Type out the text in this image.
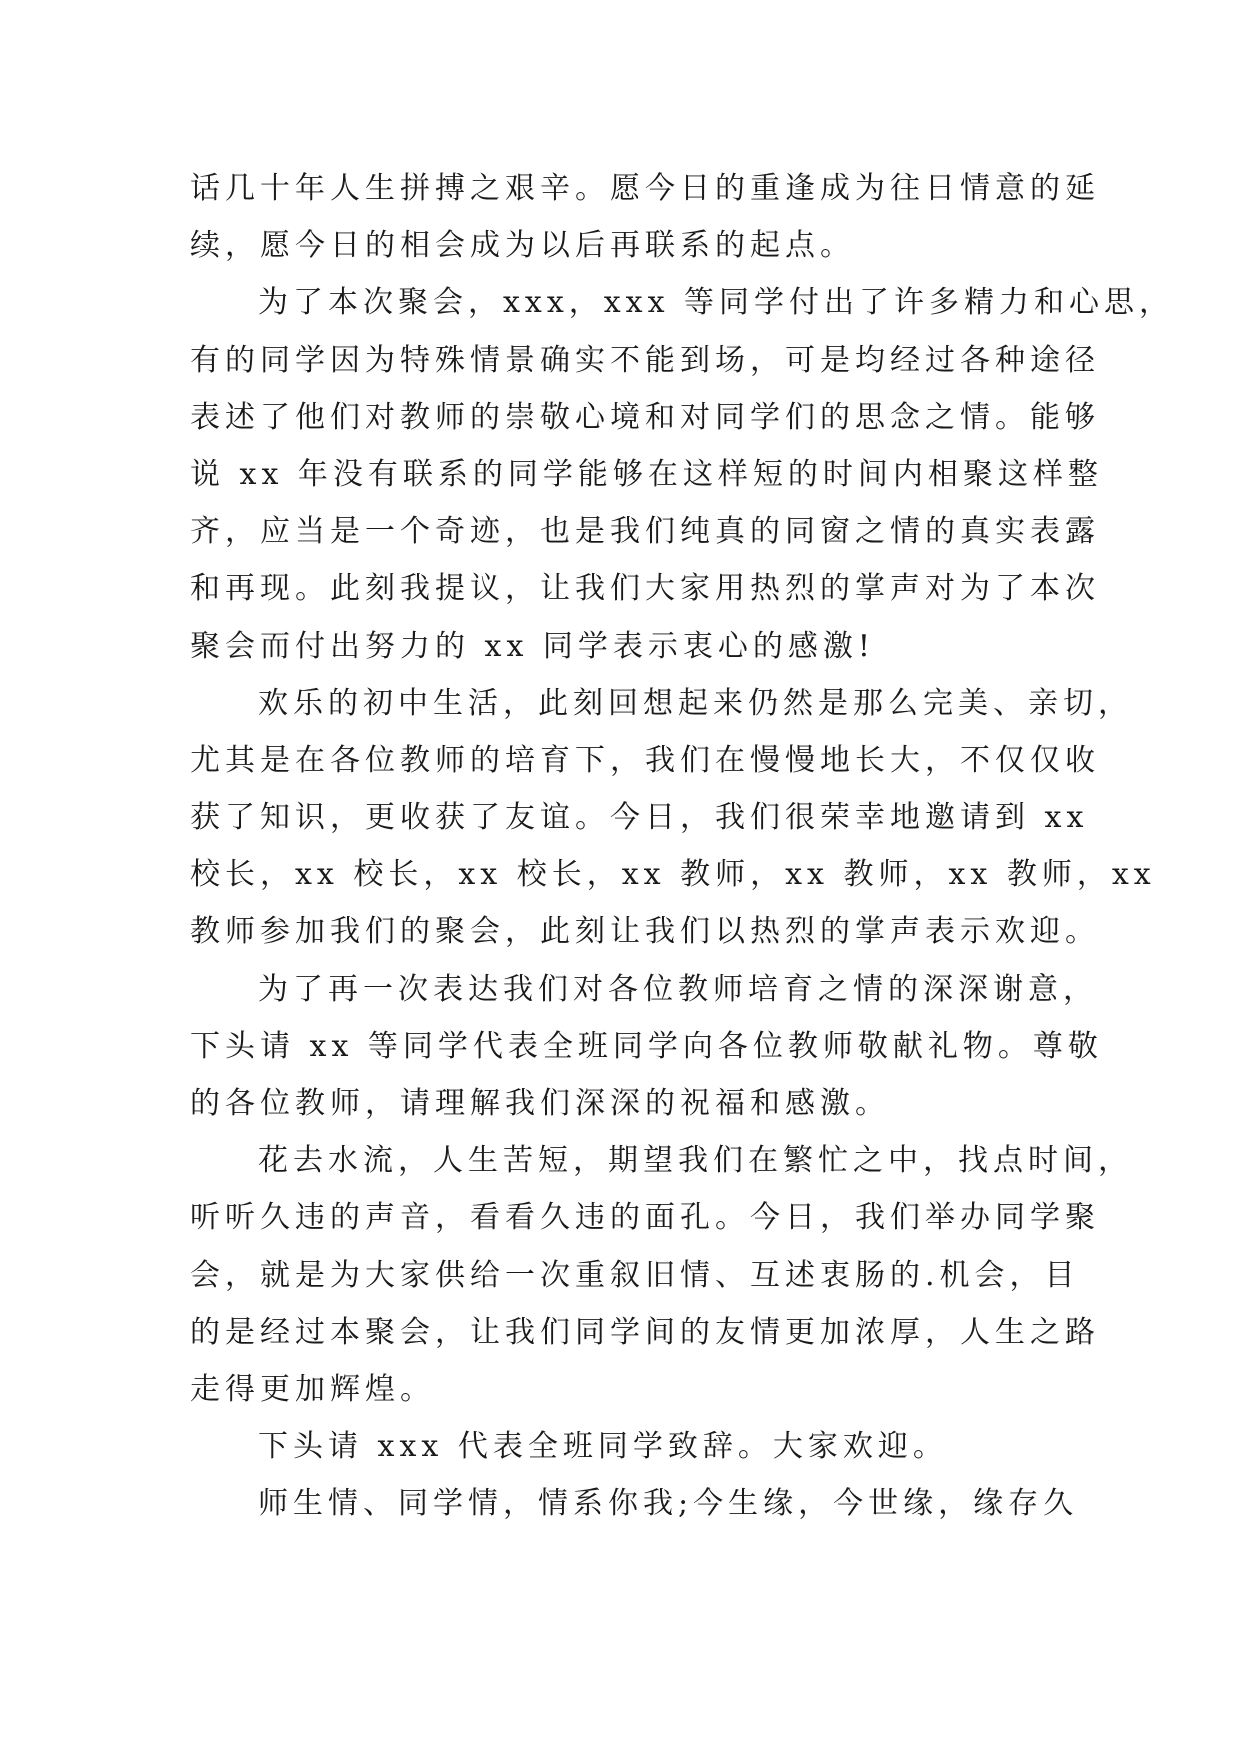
话几十年人生拼搏之艰辛。愿今日的重逢成为往日情意的延
续，愿今日的相会成为以后再联系的起点。
为了本次聚会，xxx，xxx 等同学付出了许多精力和心思，
有的同学因为特殊情景确实不能到场，可是均经过各种途径
表述了他们对教师的崇敬心境和对同学们的思念之情。能够
说 xx 年没有联系的同学能够在这样短的时间内相聚这样整
齐，应当是一个奇迹，也是我们纯真的同窗之情的真实表露
和再现。此刻我提议，让我们大家用热烈的掌声对为了本次
聚会而付出努力的 xx 同学表示衷心的感激!
欢乐的初中生活，此刻回想起来仍然是那么完美、亲切，
尤其是在各位教师的培育下，我们在慢慢地长大，不仅仅收
获了知识，更收获了友谊。今日，我们很荣幸地邀请到 xx
校长，xx 校长，xx 校长，xx 教师，xx 教师，xx 教师，xx
教师参加我们的聚会，此刻让我们以热烈的掌声表示欢迎。
为了再一次表达我们对各位教师培育之情的深深谢意，
下头请 xx 等同学代表全班同学向各位教师敬献礼物。尊敬
的各位教师，请理解我们深深的祝福和感激。
花去水流，人生苦短，期望我们在繁忙之中，找点时间，
听听久违的声音，看看久违的面孔。今日，我们举办同学聚
会，就是为大家供给一次重叙旧情、互述衷肠的.机会，目
的是经过本聚会，让我们同学间的友情更加浓厚，人生之路
走得更加辉煌。
下头请 xxx 代表全班同学致辞。大家欢迎。
师生情、同学情，情系你我;今生缘，今世缘，缘存久
